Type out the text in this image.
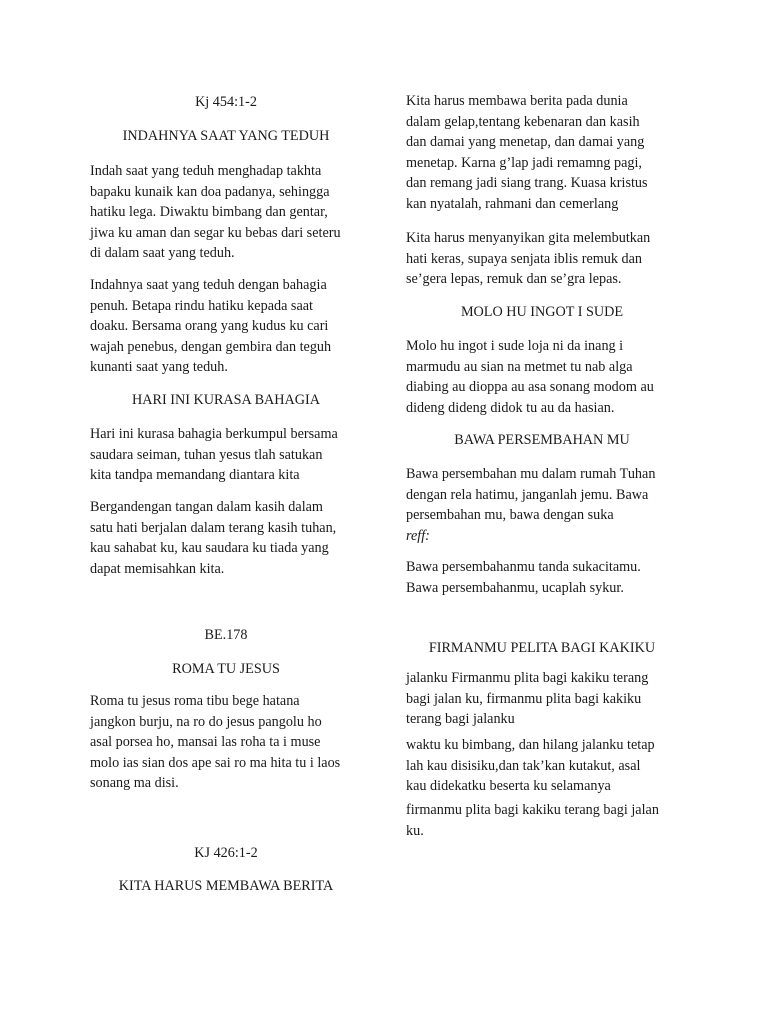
Kj 454:1-2
INDAHNYA SAAT YANG TEDUH
Indah saat yang teduh menghadap takhta
bapaku kunaik kan doa padanya, sehingga
hatiku lega. Diwaktu bimbang dan gentar,
jiwa ku aman dan segar ku bebas dari seteru
di dalam saat yang teduh.
Indahnya saat yang teduh dengan bahagia
penuh. Betapa rindu hatiku kepada saat
doaku. Bersama orang yang kudus ku cari
wajah penebus, dengan gembira dan teguh
kunanti saat yang teduh.
HARI INI KURASA BAHAGIA
Hari ini kurasa bahagia berkumpul bersama
saudara seiman, tuhan yesus tlah satukan
kita tandpa memandang diantara kita
Bergandengan tangan dalam kasih dalam
satu hati berjalan dalam terang kasih tuhan,
kau sahabat ku, kau saudara ku tiada yang
dapat memisahkan kita.
BE.178
ROMA TU JESUS
Roma tu jesus roma tibu bege hatana
jangkon burju, na ro do jesus pangolu ho
asal porsea ho, mansai las roha ta i muse
molo ias sian dos ape sai ro ma hita tu i laos
sonang ma disi.
KJ 426:1-2
KITA HARUS MEMBAWA BERITA
Kita harus membawa berita pada dunia
dalam gelap,tentang kebenaran dan kasih
dan damai yang menetap, dan damai yang
menetap. Karna g’lap jadi remamng pagi,
dan remang jadi siang trang. Kuasa kristus
kan nyatalah, rahmani dan cemerlang
Kita harus menyanyikan gita melembutkan
hati keras, supaya senjata iblis remuk dan
se’gera lepas, remuk dan se’gra lepas.
MOLO HU INGOT I SUDE
Molo hu ingot i sude loja ni da inang i
marmudu au sian na metmet tu nab alga
diabing au dioppa au asa sonang modom au
dideng dideng didok tu au da hasian.
BAWA PERSEMBAHAN MU
Bawa persembahan mu dalam rumah Tuhan
dengan rela hatimu, janganlah jemu. Bawa
persembahan mu, bawa dengan suka
reff:
Bawa persembahanmu tanda sukacitamu.
Bawa persembahanmu, ucaplah sykur.
FIRMANMU PELITA BAGI KAKIKU
jalanku Firmanmu plita bagi kakiku terang
bagi jalan ku, firmanmu plita bagi kakiku
terang bagi jalanku
waktu ku bimbang, dan hilang jalanku tetap
lah kau disisiku,dan tak’kan kutakut, asal
kau didekatku beserta ku selamanya
firmanmu plita bagi kakiku terang bagi jalan
ku.
